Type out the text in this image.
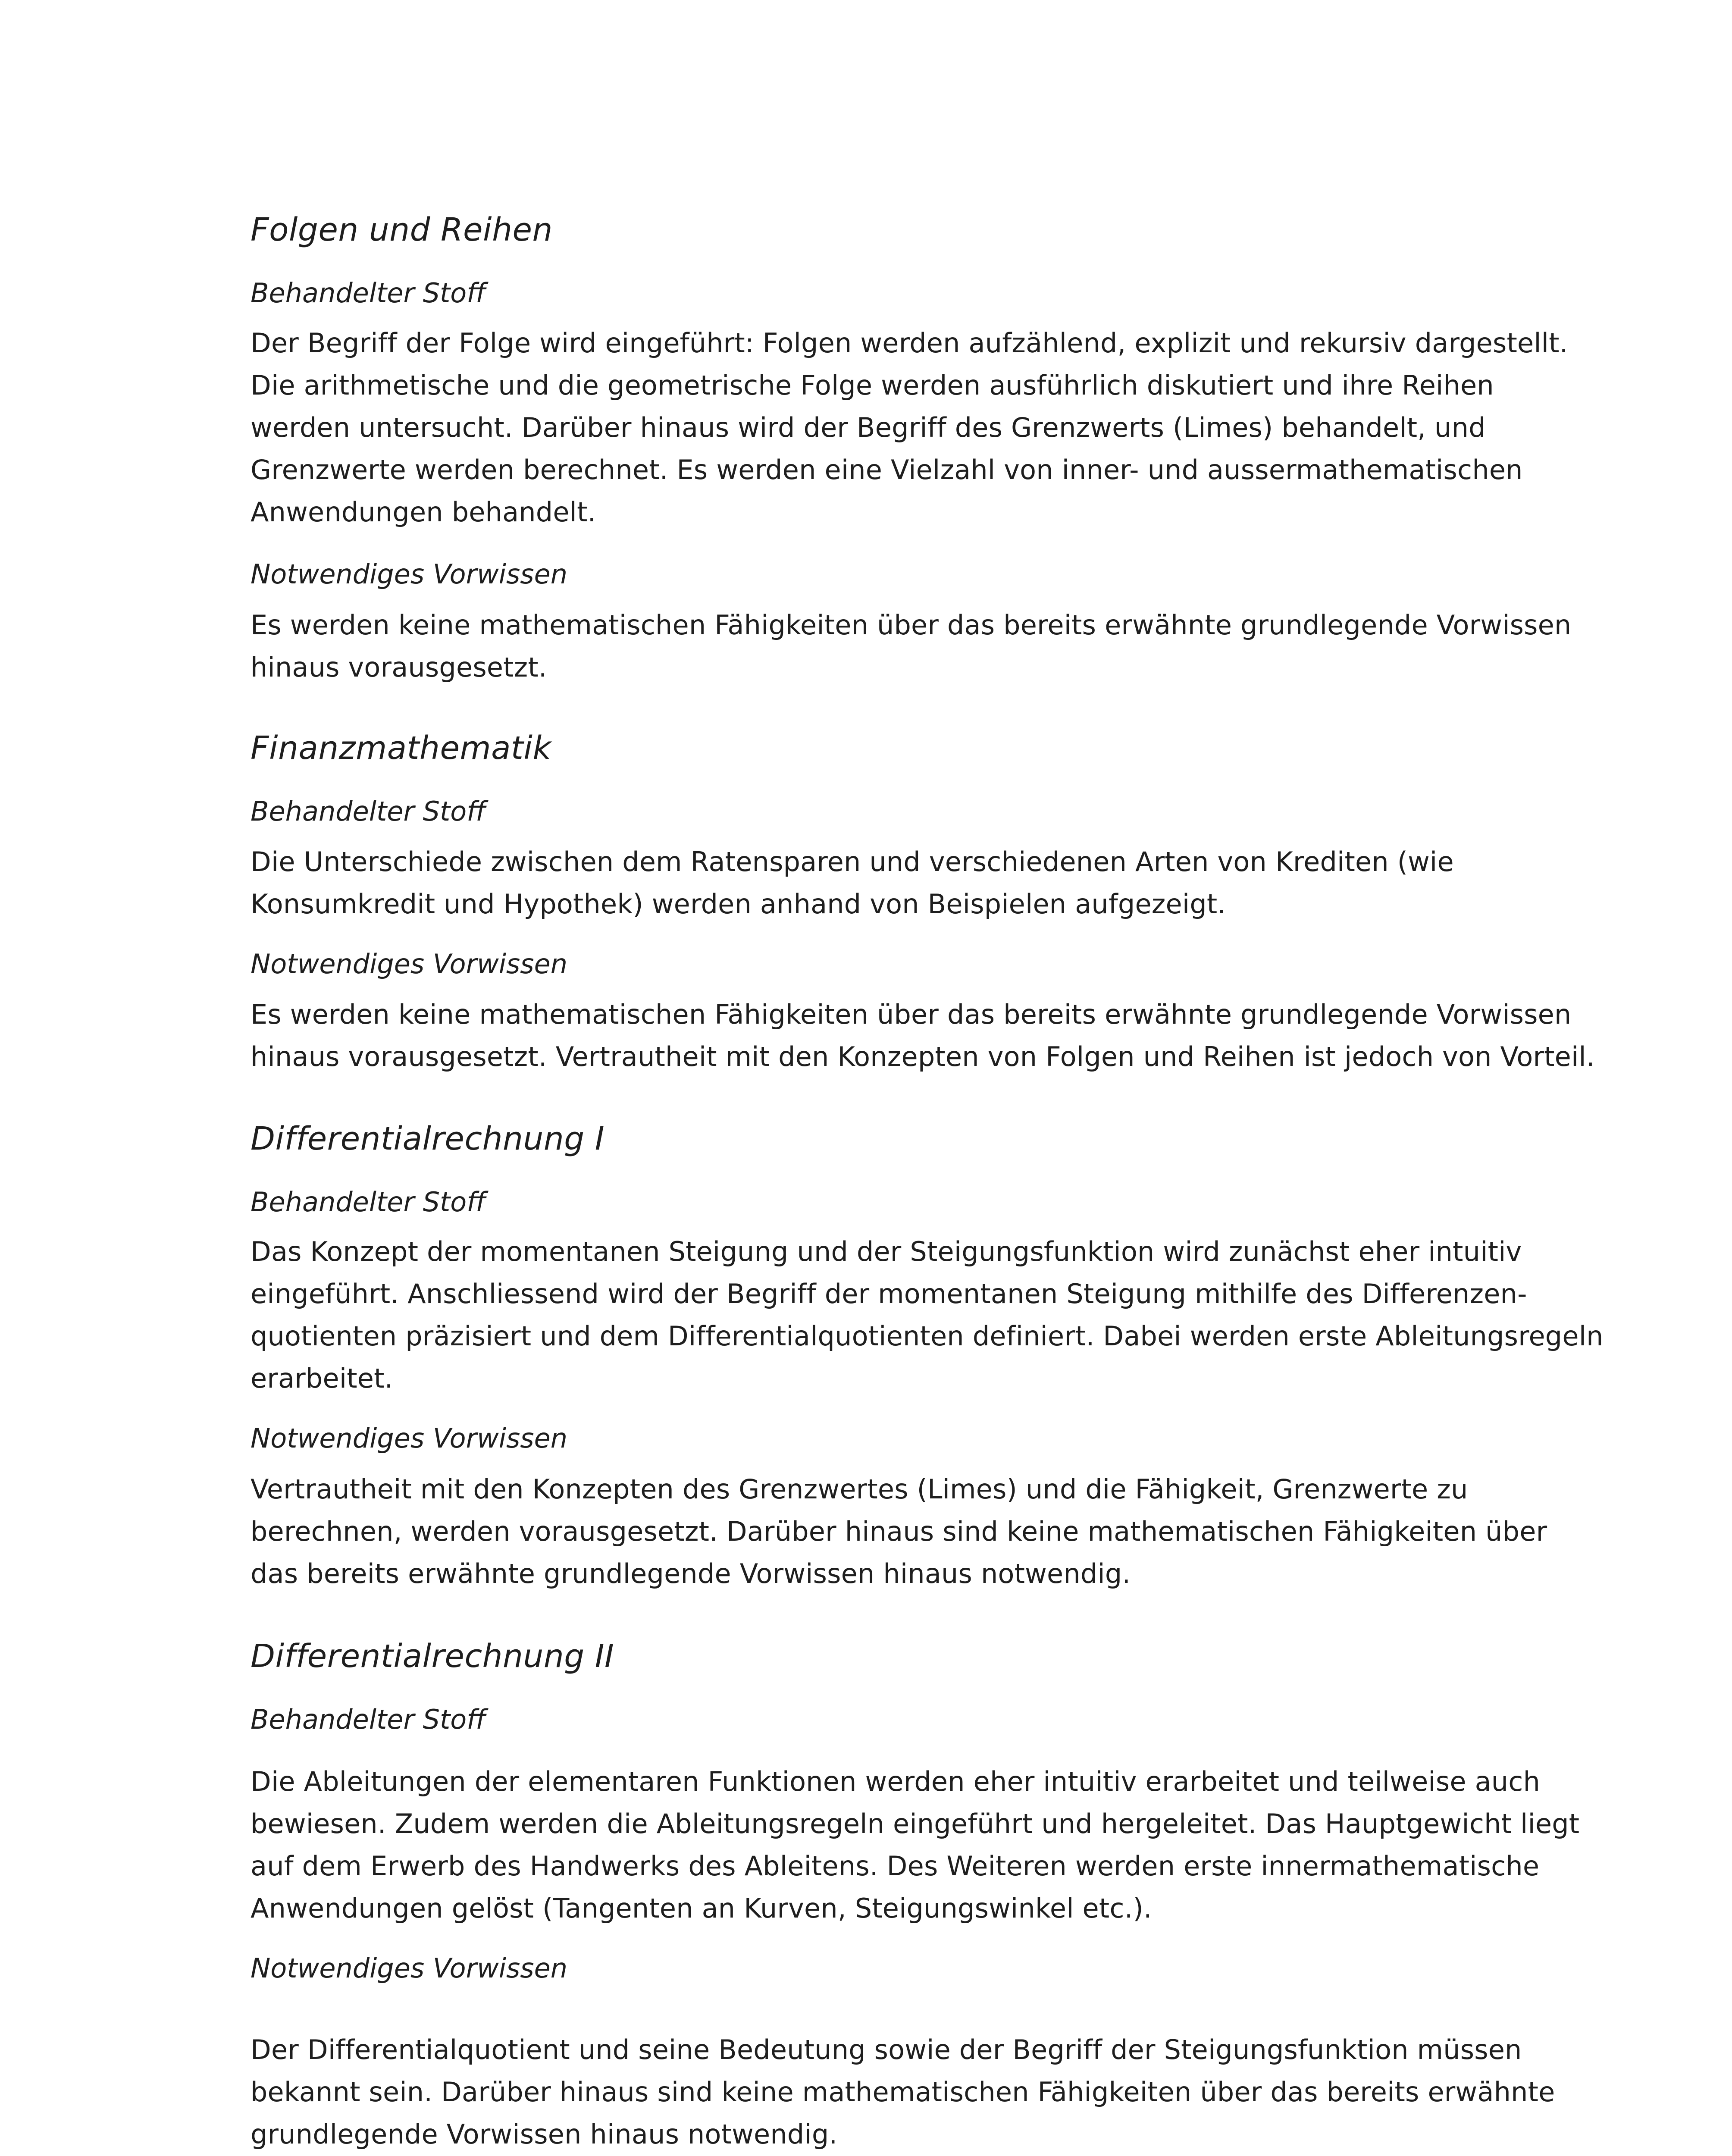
Folgen und Reihen
Behandelter Stoff
Der Begriff der Folge wird eingeführt: Folgen werden aufzählend, explizit und rekursiv dargestellt.
Die arithmetische und die geometrische Folge werden ausführlich diskutiert und ihre Reihen
werden untersucht. Darüber hinaus wird der Begriff des Grenzwerts (Limes) behandelt, und
Grenzwerte werden berechnet. Es werden eine Vielzahl von inner- und aussermathematischen
Anwendungen behandelt.
Notwendiges Vorwissen
Es werden keine mathematischen Fähigkeiten über das bereits erwähnte grundlegende Vorwissen
hinaus vorausgesetzt.
Finanzmathematik
Behandelter Stoff
Die Unterschiede zwischen dem Ratensparen und verschiedenen Arten von Krediten (wie
Konsumkredit und Hypothek) werden anhand von Beispielen aufgezeigt.
Notwendiges Vorwissen
Es werden keine mathematischen Fähigkeiten über das bereits erwähnte grundlegende Vorwissen
hinaus vorausgesetzt. Vertrautheit mit den Konzepten von Folgen und Reihen ist jedoch von Vorteil.
Differentialrechnung I
Behandelter Stoff
Das Konzept der momentanen Steigung und der Steigungsfunktion wird zunächst eher intuitiv
eingeführt. Anschliessend wird der Begriff der momentanen Steigung mithilfe des Differenzen-
quotienten präzisiert und dem Differentialquotienten definiert. Dabei werden erste Ableitungsregeln
erarbeitet.
Notwendiges Vorwissen
Vertrautheit mit den Konzepten des Grenzwertes (Limes) und die Fähigkeit, Grenzwerte zu
berechnen, werden vorausgesetzt. Darüber hinaus sind keine mathematischen Fähigkeiten über
das bereits erwähnte grundlegende Vorwissen hinaus notwendig.
Differentialrechnung II
Behandelter Stoff
Die Ableitungen der elementaren Funktionen werden eher intuitiv erarbeitet und teilweise auch
bewiesen. Zudem werden die Ableitungsregeln eingeführt und hergeleitet. Das Hauptgewicht liegt
auf dem Erwerb des Handwerks des Ableitens. Des Weiteren werden erste innermathematische
Anwendungen gelöst (Tangenten an Kurven, Steigungswinkel etc.).
Notwendiges Vorwissen
Der Differentialquotient und seine Bedeutung sowie der Begriff der Steigungsfunktion müssen
bekannt sein. Darüber hinaus sind keine mathematischen Fähigkeiten über das bereits erwähnte
grundlegende Vorwissen hinaus notwendig.
